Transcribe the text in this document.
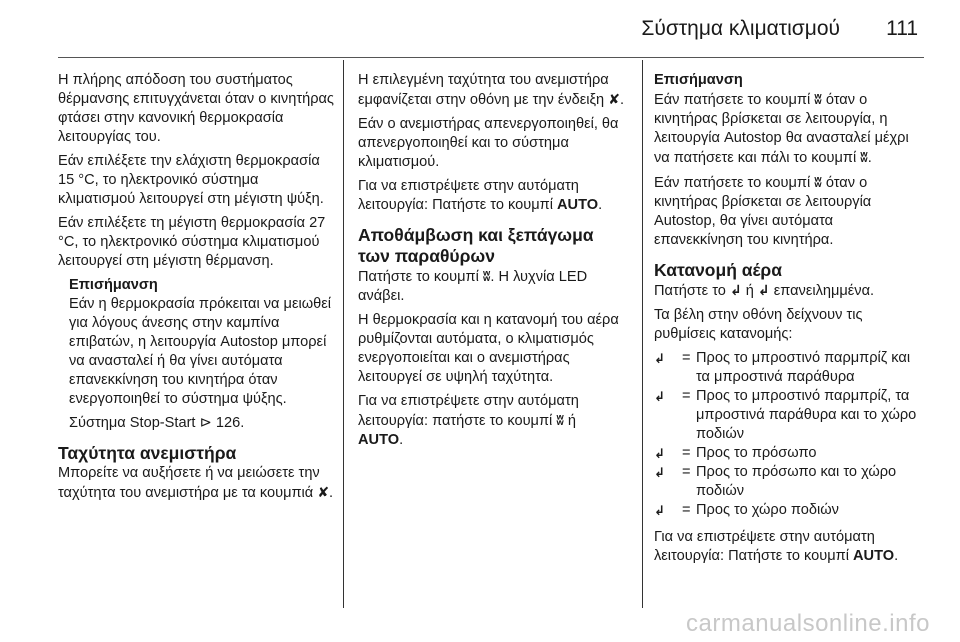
Σύστημα κλιματισμού 111

Η πλήρης απόδοση του συστήματος θέρμανσης επιτυγχάνεται όταν ο κινητήρας φτάσει στην κανονική θερμοκρασία λειτουργίας του.

Εάν επιλέξετε την ελάχιστη θερμοκρασία 15 °C, το ηλεκτρονικό σύστημα κλιματισμού λειτουργεί στη μέγιστη ψύξη.

Εάν επιλέξετε τη μέγιστη θερμοκρασία 27 °C, το ηλεκτρονικό σύστημα κλιματισμού λειτουργεί στη μέγιστη θέρμανση.

Επισήμανση

Εάν η θερμοκρασία πρόκειται να μειωθεί για λόγους άνεσης στην καμπίνα επιβατών, η λειτουργία Autostop μπορεί να ανασταλεί ή θα γίνει αυτόματα επανεκκίνηση του κινητήρα όταν ενεργοποιηθεί το σύστημα ψύξης.

Σύστημα Stop-Start ⊳ 126.

Ταχύτητα ανεμιστήρα

Μπορείτε να αυξήσετε ή να μειώσετε την ταχύτητα του ανεμιστήρα με τα κουμπιά ✘.

Η επιλεγμένη ταχύτητα του ανεμιστήρα εμφανίζεται στην οθόνη με την ένδειξη ✘.

Εάν ο ανεμιστήρας απενεργοποιηθεί, θα απενεργοποιηθεί και το σύστημα κλιματισμού.

Για να επιστρέψετε στην αυτόματη λειτουργία: Πατήστε το κουμπί AUTO.

Αποθάμβωση και ξεπάγωμα των παραθύρων

Πατήστε το κουμπί ʬ. Η λυχνία LED ανάβει.

Η θερμοκρασία και η κατανομή του αέρα ρυθμίζονται αυτόματα, ο κλιματισμός ενεργοποιείται και ο ανεμιστήρας λειτουργεί σε υψηλή ταχύτητα.

Για να επιστρέψετε στην αυτόματη λειτουργία: πατήστε το κουμπί ʬ ή
AUTO.

Επισήμανση

Εάν πατήσετε το κουμπί ʬ όταν ο κινητήρας βρίσκεται σε λειτουργία, η λειτουργία Autostop θα ανασταλεί μέχρι να πατήσετε και πάλι το κουμπί ʬ.

Εάν πατήσετε το κουμπί ʬ όταν ο κινητήρας βρίσκεται σε λειτουργία Autostop, θα γίνει αυτόματα επανεκκίνηση του κινητήρα.

Κατανομή αέρα

Πατήστε το ↲ ή ↲ επανειλημμένα.

Τα βέλη στην οθόνη δείχνουν τις ρυθμίσεις κατανομής:

↲	= Προς το μπροστινό παρμπρίζ και τα μπροστινά παράθυρα
↲	= Προς το μπροστινό παρμπρίζ, τα μπροστινά παράθυρα και το χώρο ποδιών
↲	= Προς το πρόσωπο
↲	= Προς το πρόσωπο και το χώρο ποδιών
↲	= Προς το χώρο ποδιών

Για να επιστρέψετε στην αυτόματη λειτουργία: Πατήστε το κουμπί AUTO.

carmanualsonline.info
